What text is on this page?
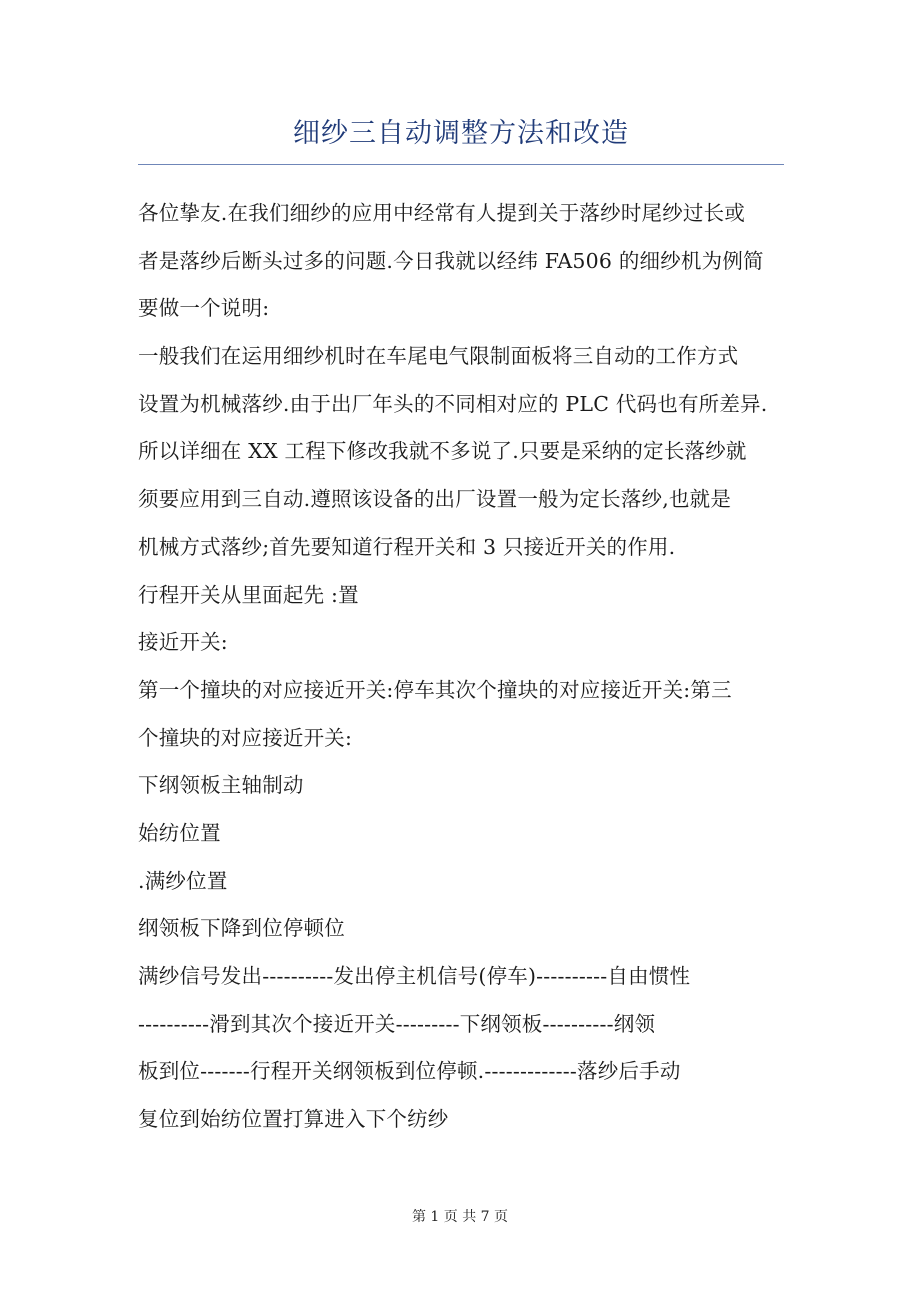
细纱三自动调整方法和改造
各位挚友.在我们细纱的应用中经常有人提到关于落纱时尾纱过长或
者是落纱后断头过多的问题.今日我就以经纬 FA506 的细纱机为例简
要做一个说明:
一般我们在运用细纱机时在车尾电气限制面板将三自动的工作方式
设置为机械落纱.由于出厂年头的不同相对应的 PLC 代码也有所差异.
所以详细在 XX 工程下修改我就不多说了.只要是采纳的定长落纱就
须要应用到三自动.遵照该设备的出厂设置一般为定长落纱,也就是
机械方式落纱;首先要知道行程开关和 3 只接近开关的作用.
行程开关从里面起先 :置
接近开关:
第一个撞块的对应接近开关:停车其次个撞块的对应接近开关:第三
个撞块的对应接近开关:
下纲领板主轴制动
始纺位置
.满纱位置
纲领板下降到位停顿位
满纱信号发出----------发出停主机信号(停车)----------自由惯性
----------滑到其次个接近开关---------下纲领板----------纲领
板到位-------行程开关纲领板到位停顿.-------------落纱后手动
复位到始纺位置打算进入下个纺纱
第 1 页 共 7 页
